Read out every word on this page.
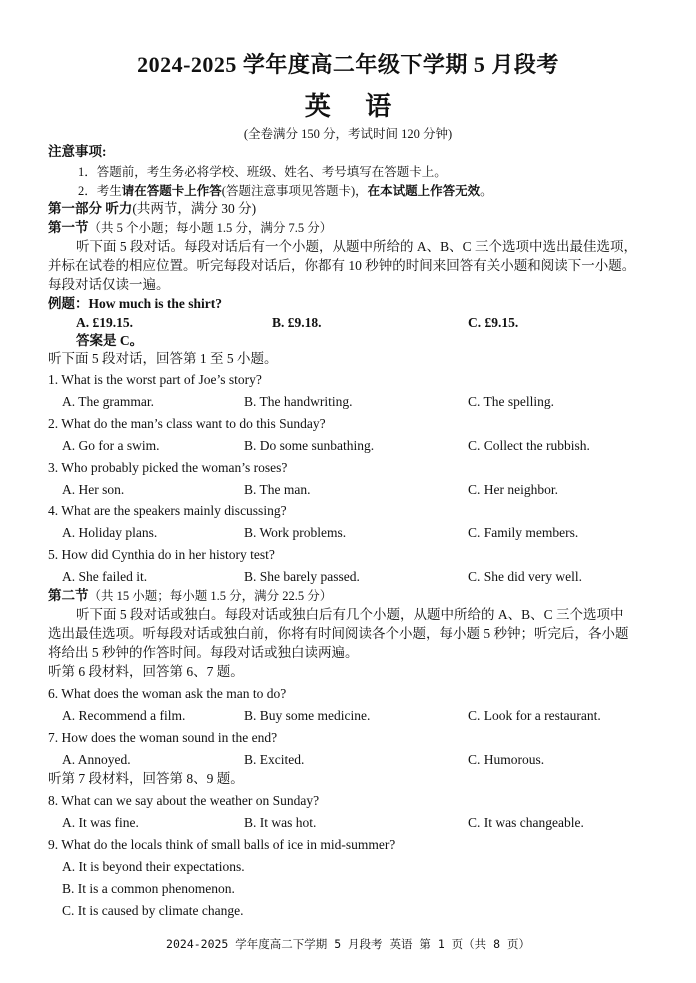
2024-2025 学年度高二年级下学期 5 月段考
英 语
(全卷满分 150 分，考试时间 120 分钟)
注意事项:
1．答题前，考生务必将学校、班级、姓名、考号填写在答题卡上。
2．考生请在答题卡上作答(答题注意事项见答题卡)，在本试题上作答无效。
第一部分 听力(共两节，满分 30 分)
第一节（共 5 个小题；每小题 1.5 分，满分 7.5 分）
听下面 5 段对话。每段对话后有一个小题，从题中所给的 A、B、C 三个选项中选出最佳选项，
并标在试卷的相应位置。听完每段对话后，你都有 10 秒钟的时间来回答有关小题和阅读下一小题。
每段对话仅读一遍。
例题：How much is the shirt?
A. £19.15.	B. £9.18.	C. £9.15.
答案是 C。
听下面 5 段对话，回答第 1 至 5 小题。
1. What is the worst part of Joe’s story?
A. The grammar.	B. The handwriting.	C. The spelling.
2. What do the man’s class want to do this Sunday?
A. Go for a swim.	B. Do some sunbathing.	C. Collect the rubbish.
3. Who probably picked the woman’s roses?
A. Her son.	B. The man.	C. Her neighbor.
4. What are the speakers mainly discussing?
A. Holiday plans.	B. Work problems.	C. Family members.
5. How did Cynthia do in her history test?
A. She failed it.	B. She barely passed.	C. She did very well.
第二节（共 15 小题；每小题 1.5 分，满分 22.5 分）
听下面 5 段对话或独白。每段对话或独白后有几个小题，从题中所给的 A、B、C 三个选项中
选出最佳选项。听每段对话或独白前，你将有时间阅读各个小题，每小题 5 秒钟；听完后，各小题
将给出 5 秒钟的作答时间。每段对话或独白读两遍。
听第 6 段材料，回答第 6、7 题。
6. What does the woman ask the man to do?
A. Recommend a film.	B. Buy some medicine.	C. Look for a restaurant.
7. How does the woman sound in the end?
A. Annoyed.	B. Excited.	C. Humorous.
听第 7 段材料，回答第 8、9 题。
8. What can we say about the weather on Sunday?
A. It was fine.	B. It was hot.	C. It was changeable.
9. What do the locals think of small balls of ice in mid-summer?
A. It is beyond their expectations.
B. It is a common phenomenon.
C. It is caused by climate change.
2024-2025 学年度高二下学期 5 月段考 英语 第 1 页（共 8 页）
